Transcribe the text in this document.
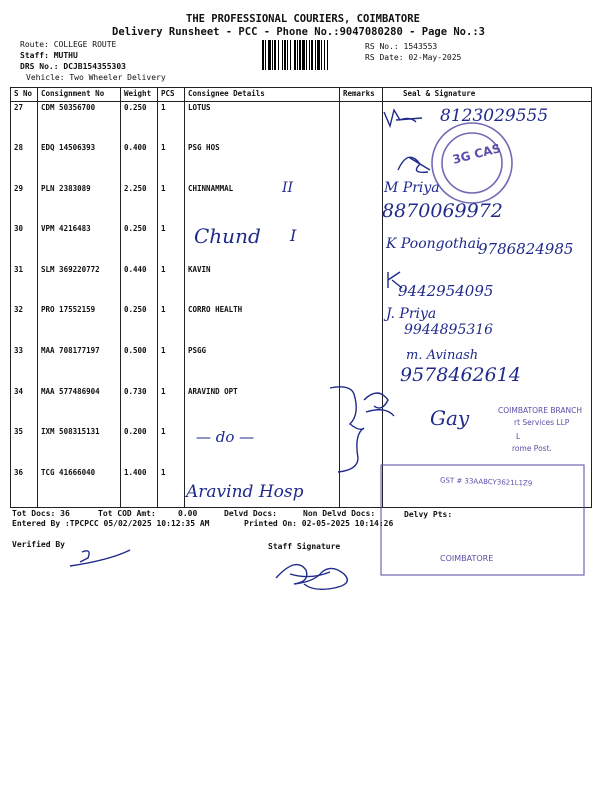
THE PROFESSIONAL COURIERS, COIMBATORE
Delivery Runsheet - PCC - Phone No.:9047080280 - Page No.:3
Route: COLLEGE ROUTE
Staff: MUTHU
DRS No.: DCJB154355303
Vehicle: Two Wheeler Delivery
RS No.: 1543553
RS Date: 02-May-2025
S No	Consignment No	Weight	PCS	Consignee Details	Remarks	Seal & Signature
27	CDM 50356700	0.250	1	LOTUS		
28	EDQ 14506393	0.400	1	PSG HOS		
29	PLN 2383089	2.250	1	CHINNAMMAL		
30	VPM 4216483	0.250	1			
31	SLM 369220772	0.440	1	KAVIN		
32	PRO 17552159	0.250	1	CORRO HEALTH		
33	MAA 708177197	0.500	1	PSGG		
34	MAA 577486904	0.730	1	ARAVIND OPT		
35	IXM 508315131	0.200	1			
36	TCG 41666040	1.400	1			
8123029555
3G CAS
M Priya
8870069972
II
Chund I	K Poongothai
9786824985
9442954095
J. Priya
9944895316
m. Avinash
9578462614
— do —
Aravind Hosp
COIMBATORE BRANCH
rt Services LLP
L
rome Post.
Gay
GST # 33AABCY3621L1Z9
COIMBATORE
Tot Docs: 36	Tot COD Amt:	0.00	Delvd Docs:	Non Delvd Docs:	Delvy Pts:
Entered By :TPCPCC 05/02/2025 10:12:35 AM	Printed On: 02-05-2025 10:14:26
Verified By	Staff Signature
